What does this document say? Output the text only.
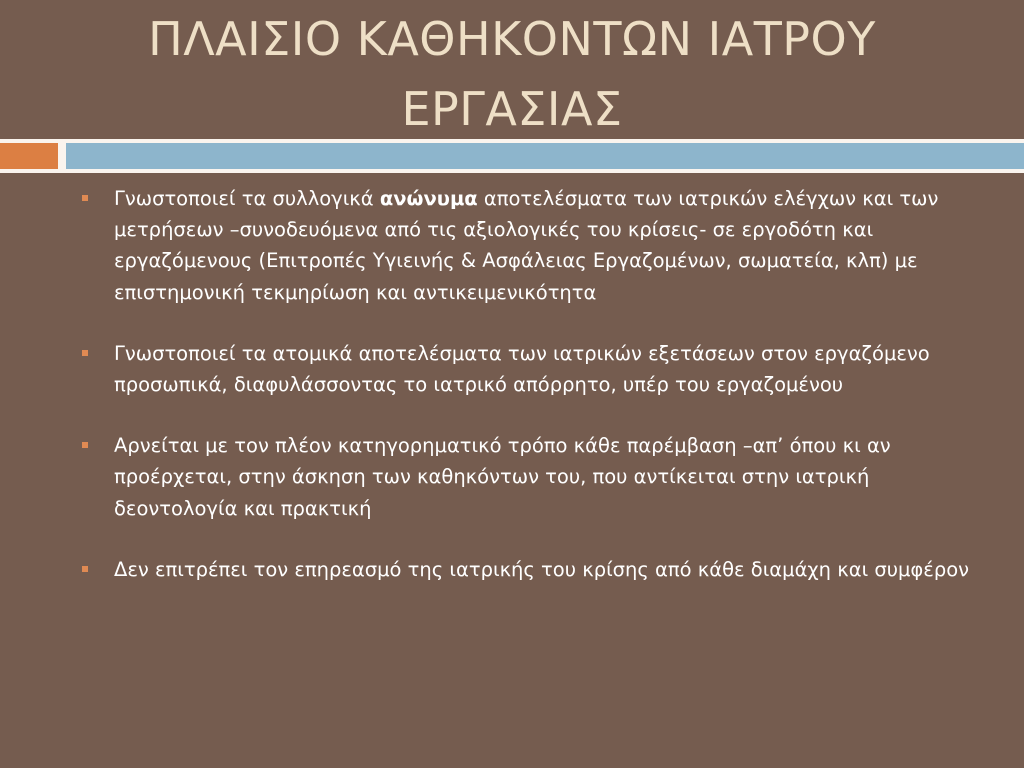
ΠΛΑΙΣΙΟ ΚΑΘΗΚΟΝΤΩΝ ΙΑΤΡΟΥ
ΕΡΓΑΣΙΑΣ
Γνωστοποιεί τα συλλογικά ανώνυμα αποτελέσματα των ιατρικών ελέγχων και των μετρήσεων –συνοδευόμενα από τις αξιολογικές του κρίσεις- σε εργοδότη και εργαζόμενους (Επιτροπές Υγιεινής & Ασφάλειας Εργαζομένων, σωματεία, κλπ) με επιστημονική τεκμηρίωση και αντικειμενικότητα
Γνωστοποιεί τα ατομικά αποτελέσματα των ιατρικών εξετάσεων στον εργαζόμενο προσωπικά, διαφυλάσσοντας το ιατρικό απόρρητο, υπέρ του εργαζομένου
Αρνείται με τον πλέον κατηγορηματικό τρόπο κάθε παρέμβαση –απ’ όπου κι αν προέρχεται, στην άσκηση των καθηκόντων του, που αντίκειται στην ιατρική δεοντολογία και πρακτική
Δεν επιτρέπει τον επηρεασμό της ιατρικής του κρίσης από κάθε διαμάχη και συμφέρον
